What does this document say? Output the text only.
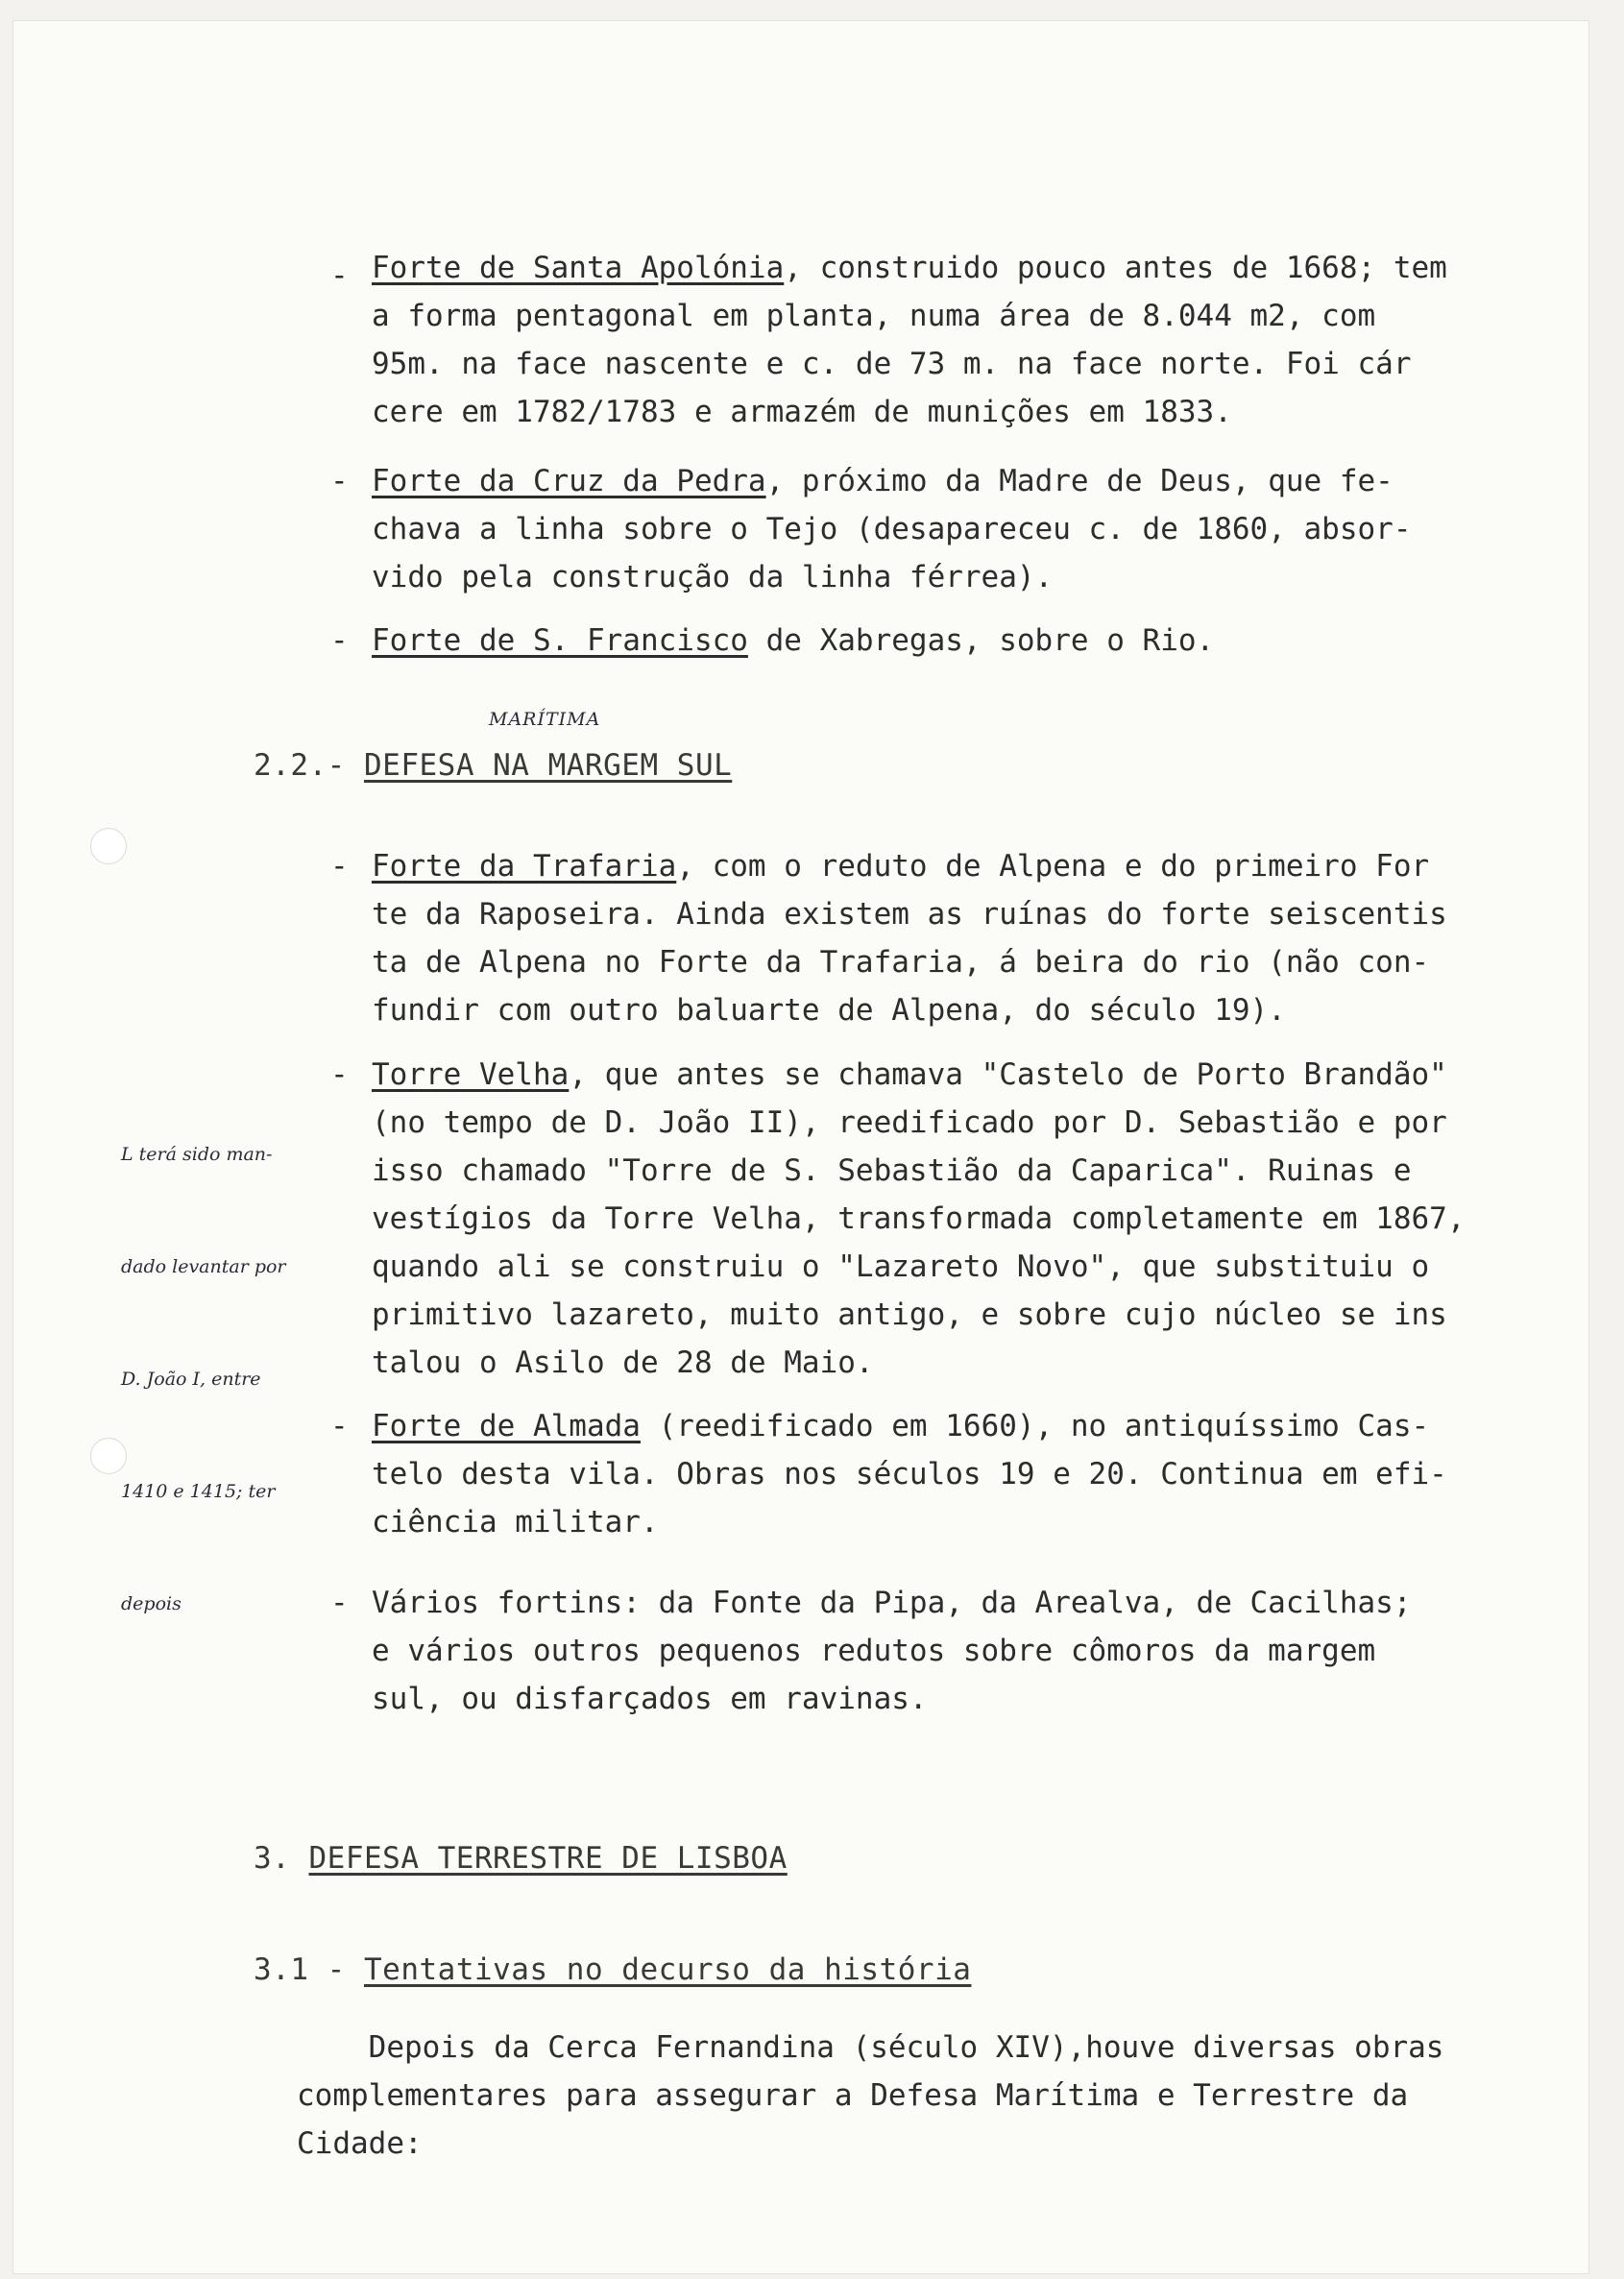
- Forte de Santa Apolónia, construido pouco antes de 1668; tem
a forma pentagonal em planta, numa área de 8.044 m2, com
95m. na face nascente e c. de 73 m. na face norte. Foi cár
cere em 1782/1783 e armazém de munições em 1833.
- Forte da Cruz da Pedra, próximo da Madre de Deus, que fe-
chava a linha sobre o Tejo (desapareceu c. de 1860, absor-
vido pela construção da linha férrea).
- Forte de S. Francisco de Xabregas, sobre o Rio.
MARÍTIMA
2.2.- DEFESA NA MARGEM SUL
- Forte da Trafaria, com o reduto de Alpena e do primeiro For
te da Raposeira. Ainda existem as ruínas do forte seiscentis
ta de Alpena no Forte da Trafaria, á beira do rio (não con-
fundir com outro baluarte de Alpena, do século 19).
- Torre Velha, que antes se chamava "Castelo de Porto Brandão"
(no tempo de D. João II), reedificado por D. Sebastião e por
isso chamado "Torre de S. Sebastião da Caparica". Ruinas e
vestígios da Torre Velha, transformada completamente em 1867,
quando ali se construiu o "Lazareto Novo", que substituiu o
primitivo lazareto, muito antigo, e sobre cujo núcleo se ins
talou o Asilo de 28 de Maio.

L terá sido man-

dado levantar por

D. João I, entre

1410 e 1415; ter

depois

- Forte de Almada (reedificado em 1660), no antiquíssimo Cas-
telo desta vila. Obras nos séculos 19 e 20. Continua em efi-
ciência militar.
- Vários fortins: da Fonte da Pipa, da Arealva, de Cacilhas;
e vários outros pequenos redutos sobre cômoros da margem
sul, ou disfarçados em ravinas.
3. DEFESA TERRESTRE DE LISBOA
3.1 - Tentativas no decurso da história
Depois da Cerca Fernandina (século XIV),houve diversas obras
complementares para assegurar a Defesa Marítima e Terrestre da
Cidade:
